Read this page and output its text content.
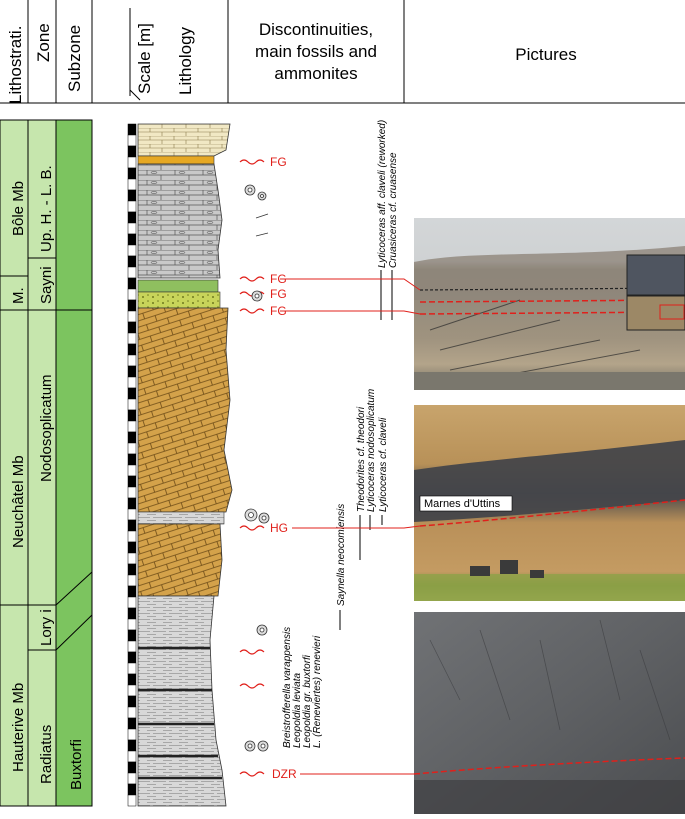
Lithostrati. Zone Subzone	Scale [m] Lithology	Discontinuities,
main fossils and
ammonites
Pictures
Bôle Mb
M.
Neuchâtel Mb
Hauterive Mb
Up. H. - L. B.
Sayni
Nodosoplicatum
Lory i
Radiatus Buxtorfi
FG
FG
FG
FG
HG
DZR
Lyticoceras aff. claveli (reworked) Cruasiceras cf. cruasense
Theodorites cf. theodori Lyticoceras nodosoplicatum Lyticoceras cf. claveli
Saynella neocomiensis
Breistrofferella varappensis Leopoldia leviata Leopoldia gr. buxtorfi L. (Reneviertes) renevieri
Marnes d'Uttins
